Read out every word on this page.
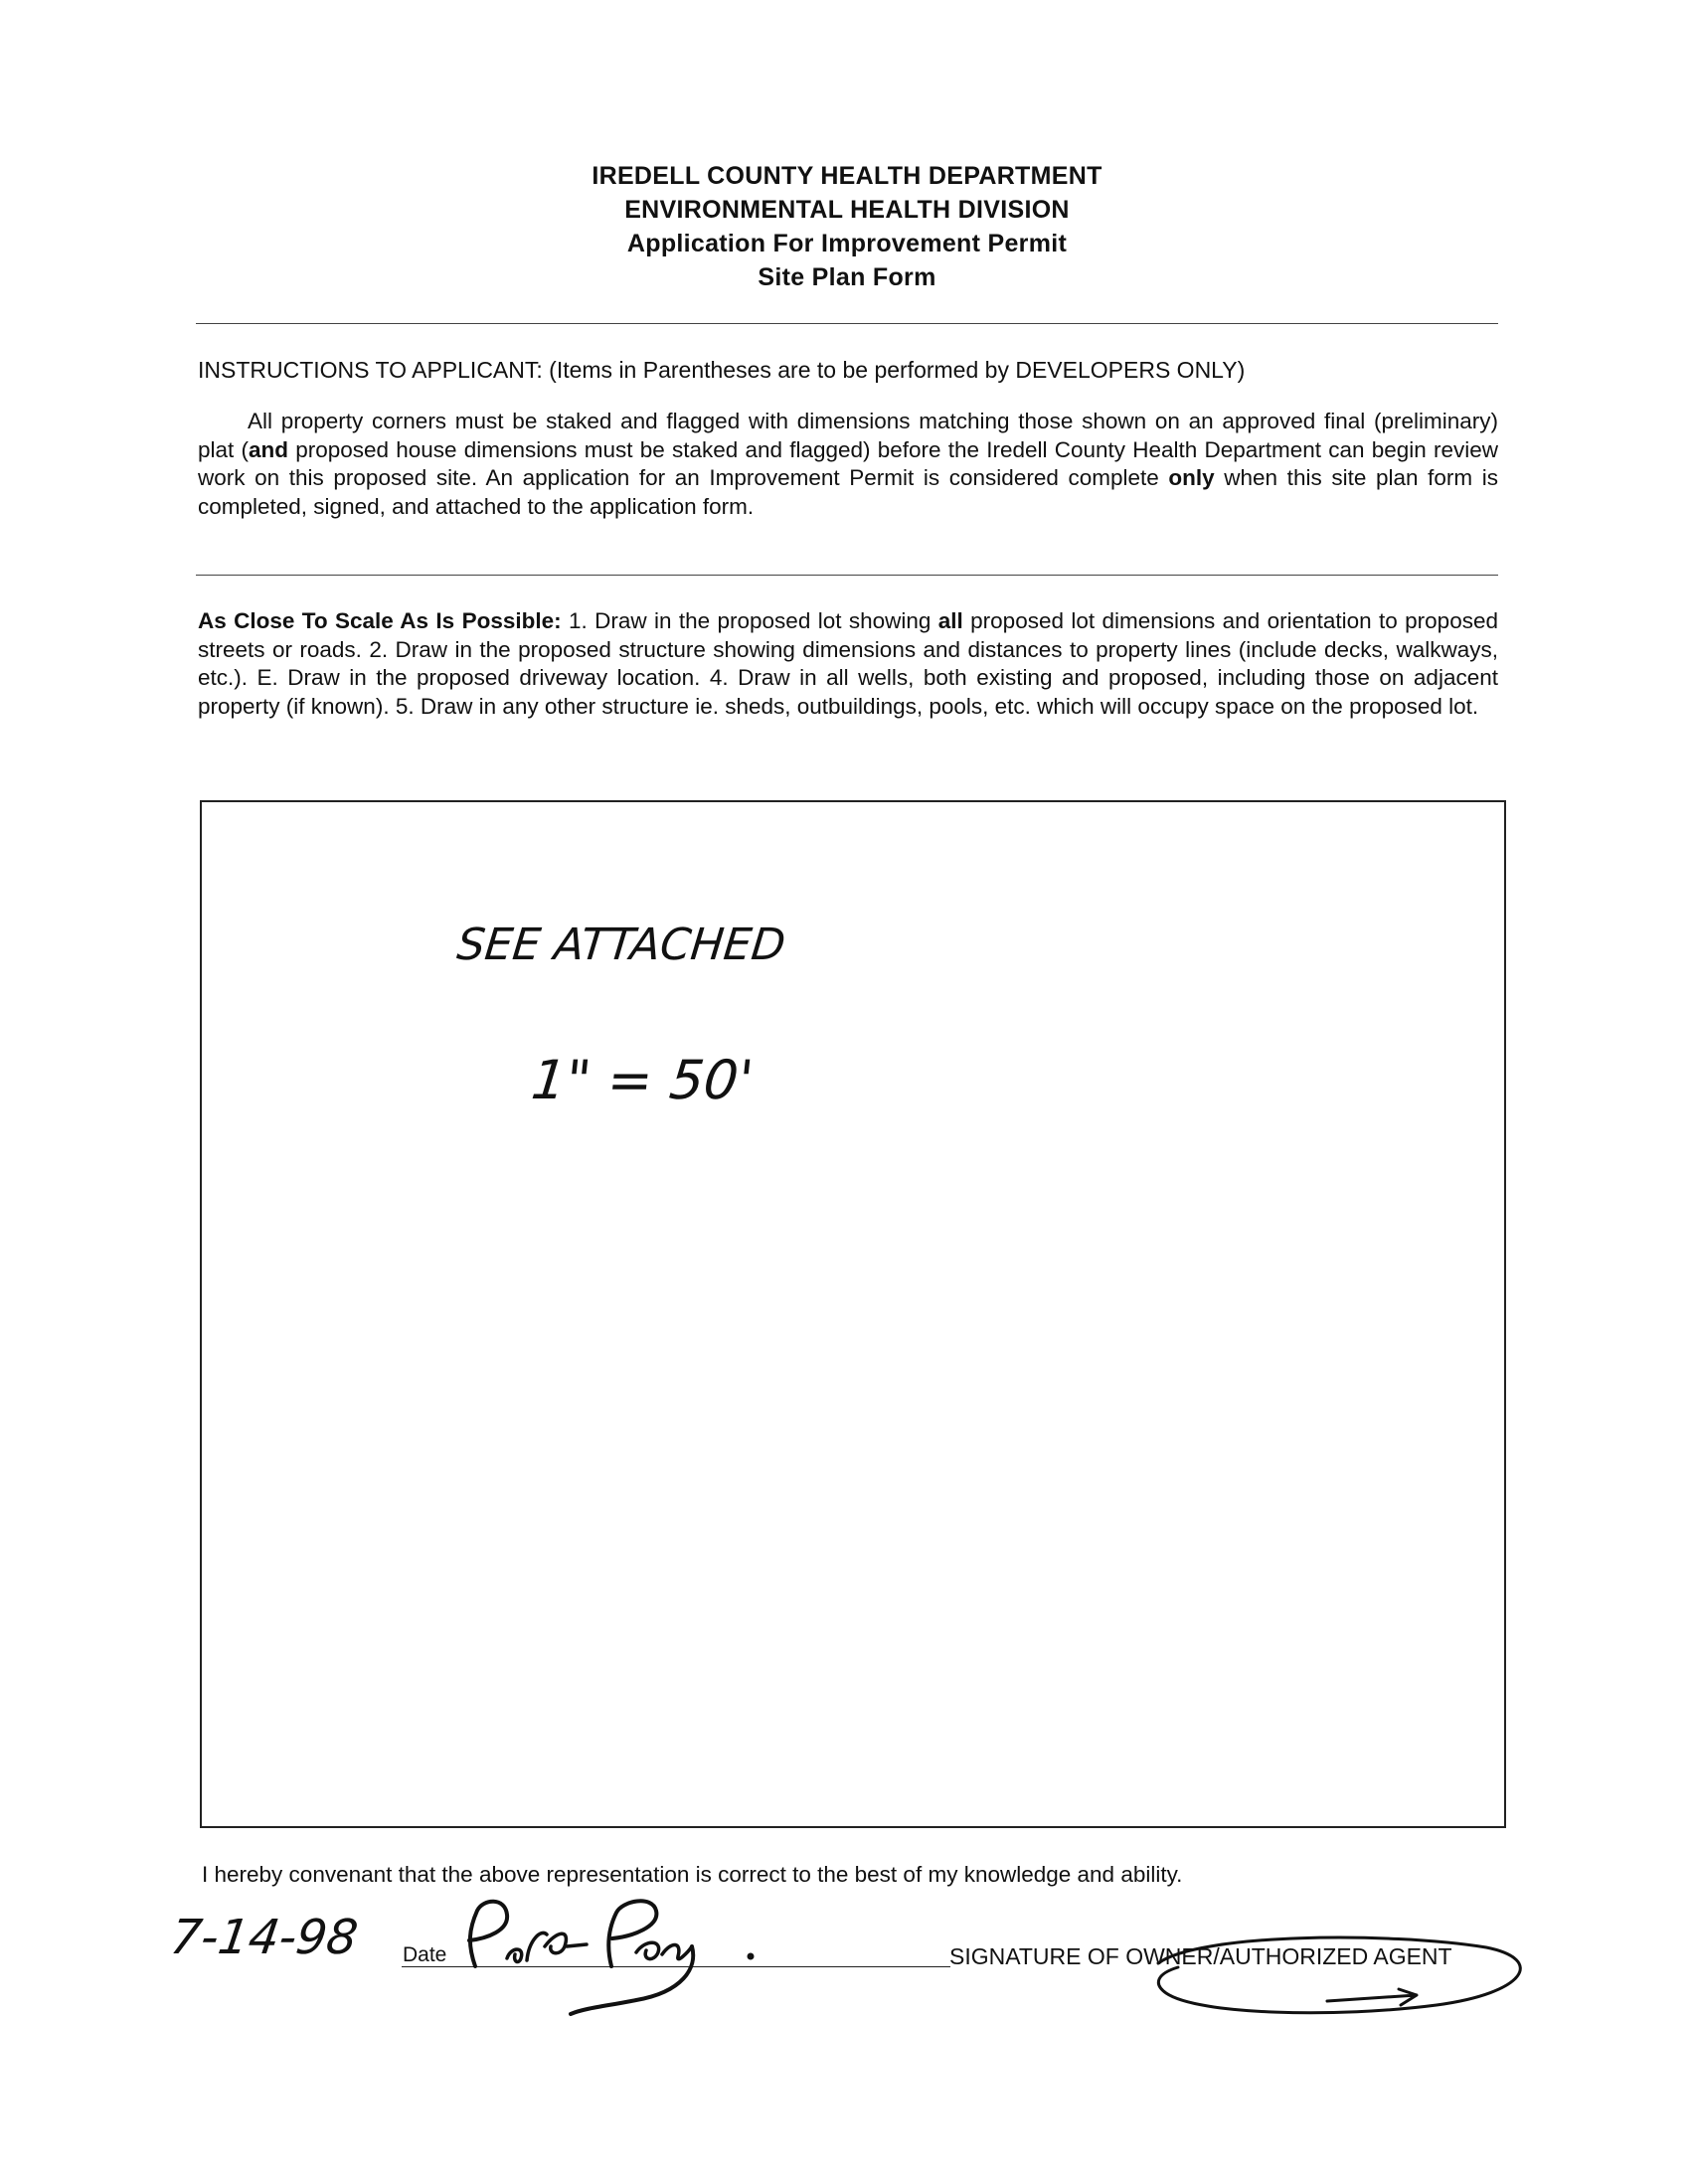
IREDELL COUNTY HEALTH DEPARTMENT
ENVIRONMENTAL HEALTH DIVISION
Application For Improvement Permit
Site Plan Form
INSTRUCTIONS TO APPLICANT: (Items in Parentheses are to be performed by DEVELOPERS ONLY)

All property corners must be staked and flagged with dimensions matching those shown on an approved final (preliminary) plat (and proposed house dimensions must be staked and flagged) before the Iredell County Health Department can begin review work on this proposed site. An application for an Improvement Permit is considered complete only when this site plan form is completed, signed, and attached to the application form.

As Close To Scale As Is Possible: 1. Draw in the proposed lot showing all proposed lot dimensions and orientation to proposed streets or roads. 2. Draw in the proposed structure showing dimensions and distances to property lines (include decks, walkways, etc.). E. Draw in the proposed driveway location. 4. Draw in all wells, both existing and proposed, including those on adjacent property (if known). 5. Draw in any other structure ie. sheds, outbuildings, pools, etc. which will occupy space on the proposed lot.

SEE ATTACHED
1" = 50'
I hereby convenant that the above representation is correct to the best of my knowledge and ability.
7-14-98 Date	SIGNATURE OF OWNER/AUTHORIZED AGENT
